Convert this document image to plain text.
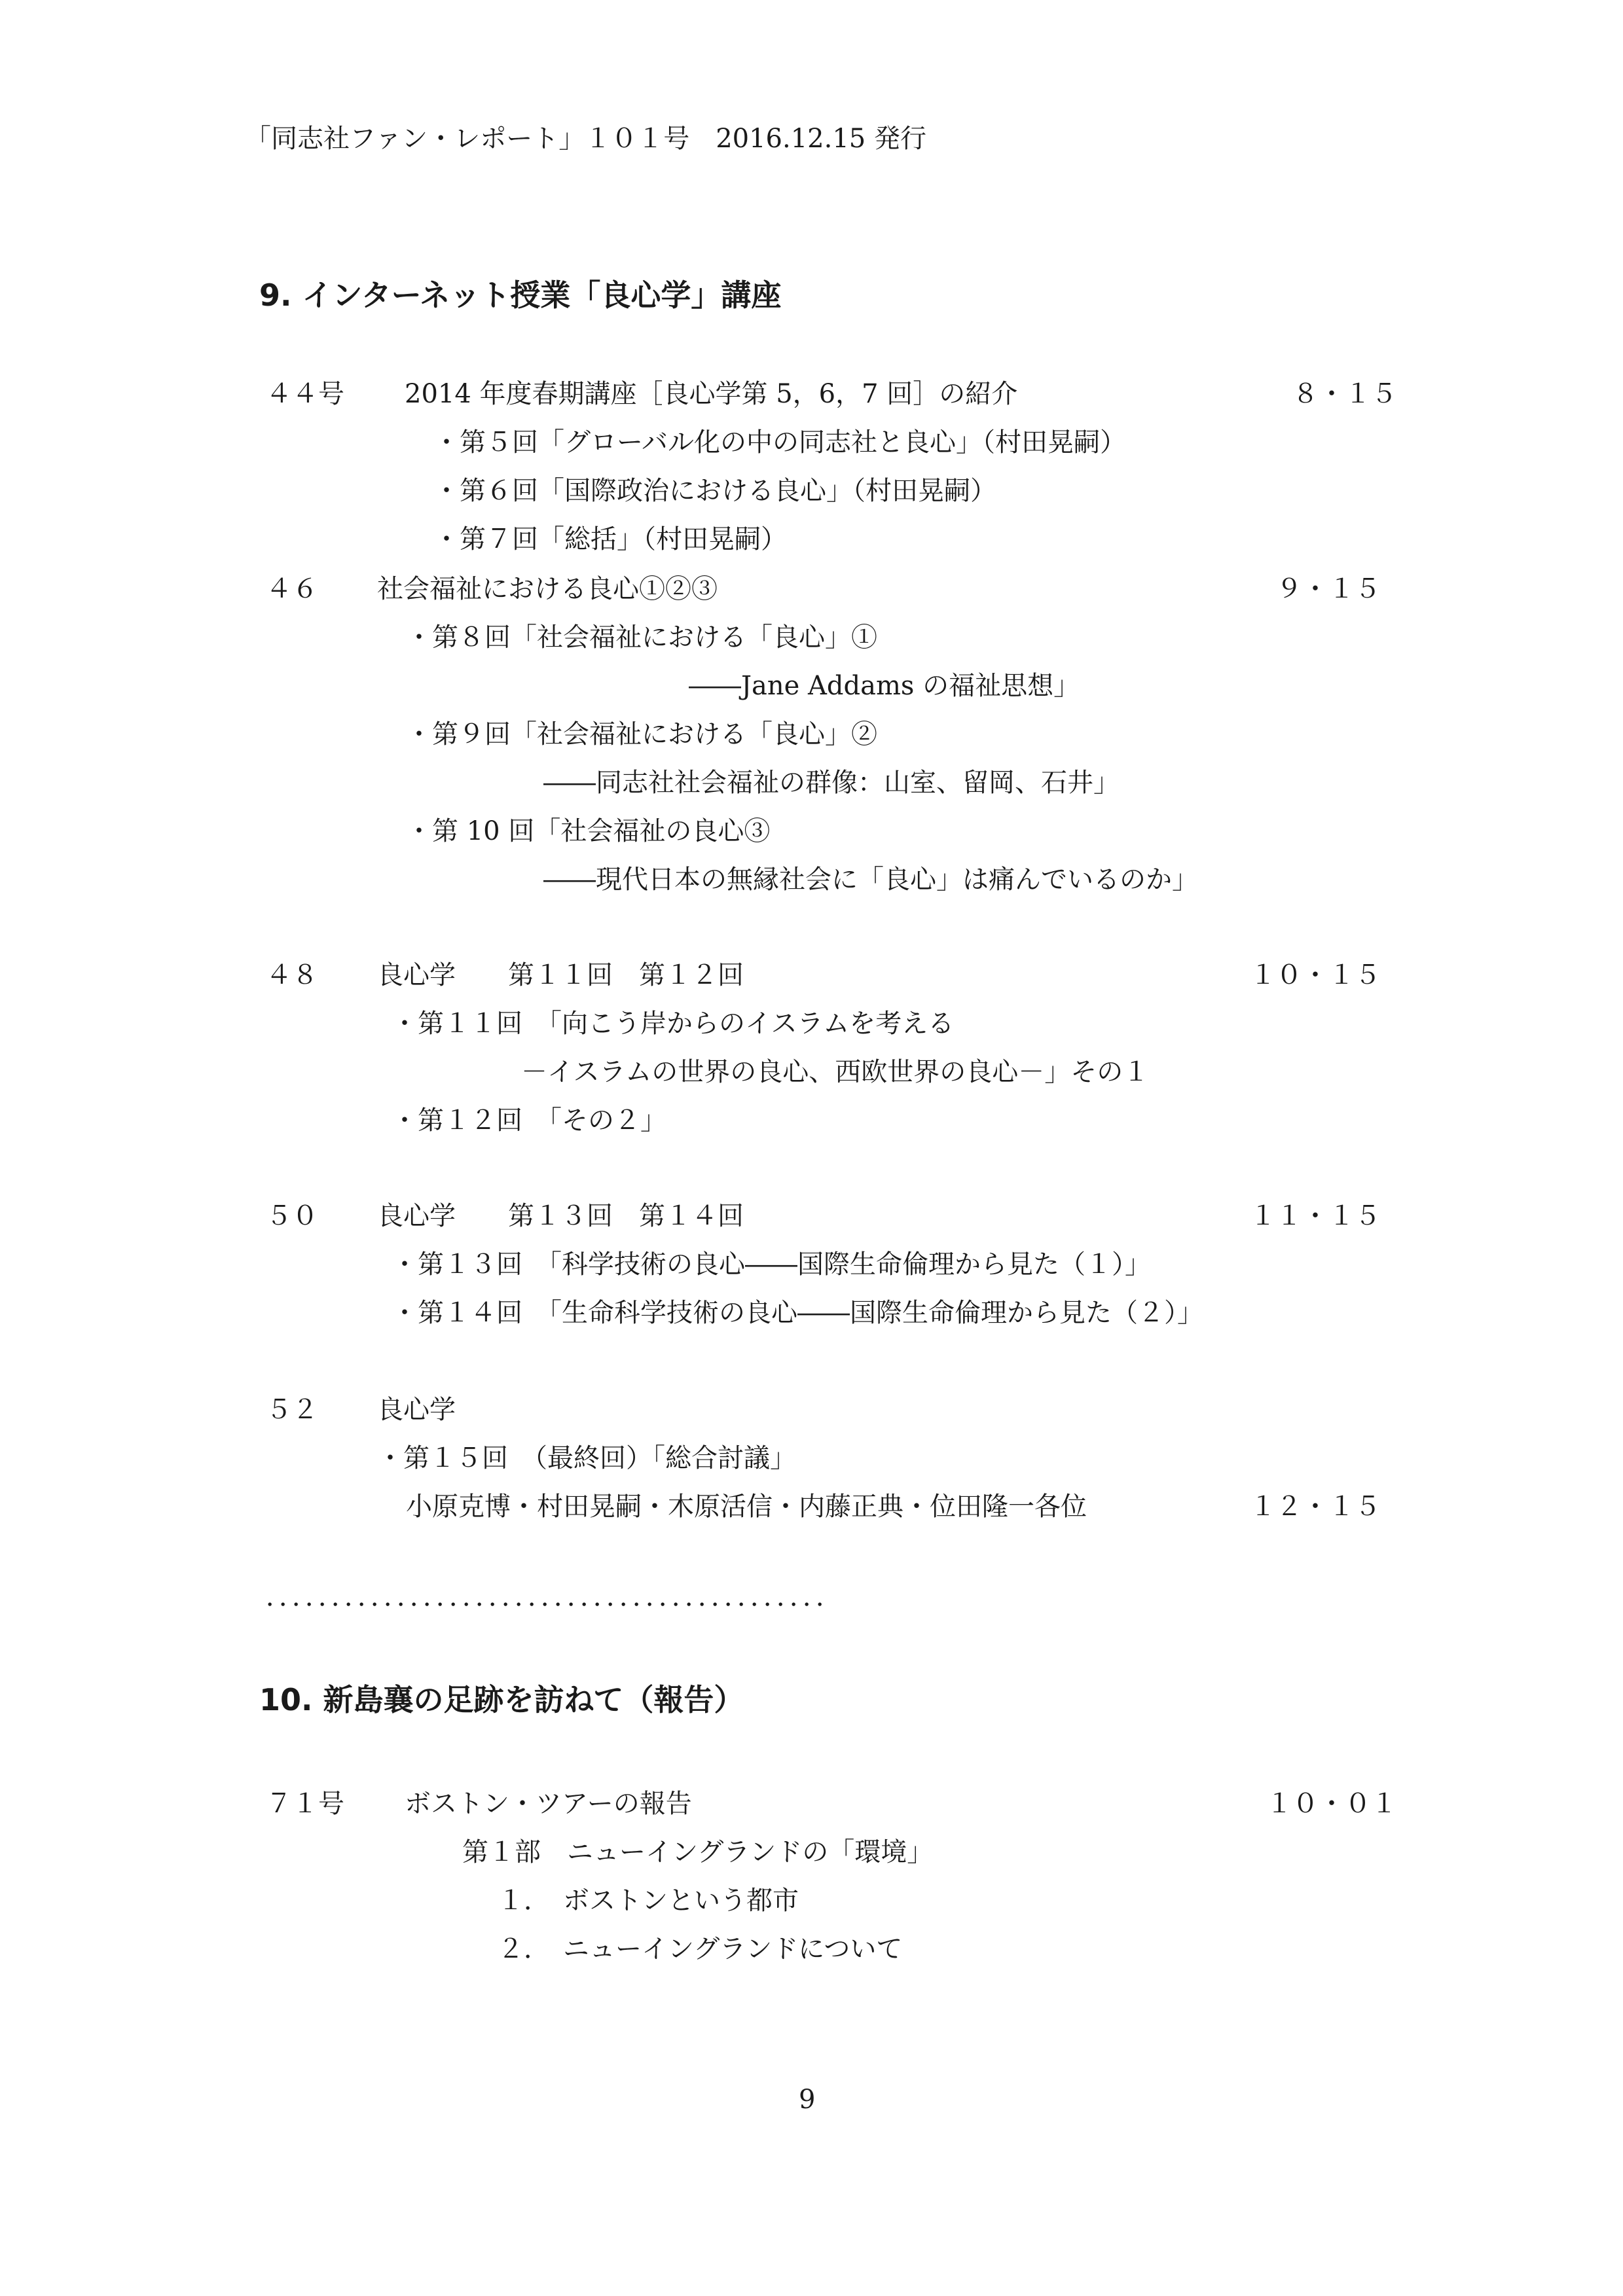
「同志社ファン・レポート」１０１号　2016.12.15 発行
9. インターネット授業「良心学」講座
４４号 2014 年度春期講座［良心学第 5，6，7 回］の紹介	８・１５
・第５回「グローバル化の中の同志社と良心」（村田晃嗣）
・第６回「国際政治における良心」（村田晃嗣）
・第７回「総括」（村田晃嗣）
４６ 社会福祉における良心①②③	９・１５
・第８回「社会福祉における「良心」①
――Jane Addams の福祉思想」
・第９回「社会福祉における「良心」②
――同志社社会福祉の群像：山室、留岡、石井」
・第 10 回「社会福祉の良心③
――現代日本の無縁社会に「良心」は痛んでいるのか」
４８ 良心学　　第１１回　第１２回	１０・１５
・第１１回　「向こう岸からのイスラムを考える
－イスラムの世界の良心、西欧世界の良心－」その１
・第１２回　「その２」
５０ 良心学　　第１３回　第１４回	１１・１５
・第１３回　「科学技術の良心――国際生命倫理から見た（１）」
・第１４回　「生命科学技術の良心――国際生命倫理から見た（２）」
５２ 良心学
・第１５回　（最終回）「総合討議」
小原克博・村田晃嗣・木原活信・内藤正典・位田隆一各位	１２・１５
．．．．．．．．．．．．．．．．．．．．．．．．．．．．．．．．．．．．．．．．．．．
10. 新島襄の足跡を訪ねて（報告）
７１号 ボストン・ツアーの報告	１０・０１
第１部　ニューイングランドの「環境」
１．　ボストンという都市
２．　ニューイングランドについて
9
